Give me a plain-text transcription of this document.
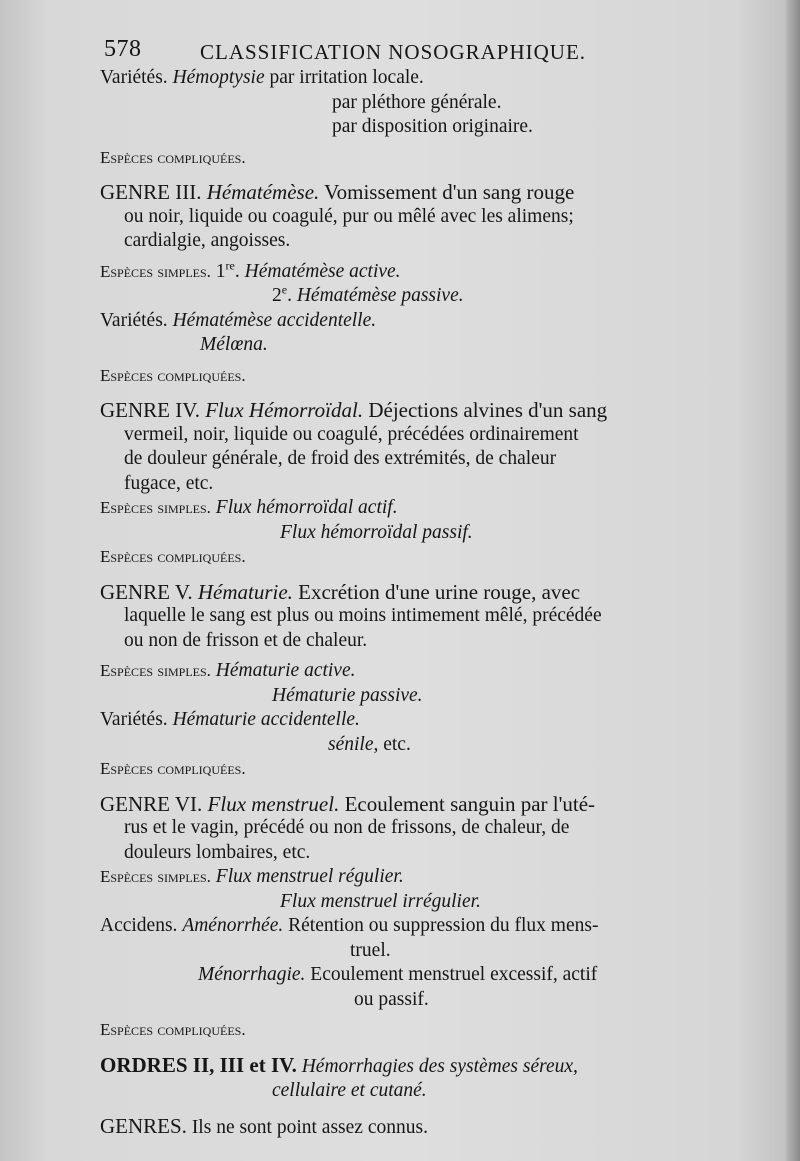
578	CLASSIFICATION NOSOGRAPHIQUE.
Variétés. Hémoptysie par irritation locale.
par pléthore générale.
par disposition originaire.
Espèces compliquées.
GENRE III. Hématémèse. Vomissement d'un sang rouge
ou noir, liquide ou coagulé, pur ou mêlé avec les alimens;
cardialgie, angoisses.
Espèces simples. 1re. Hématémèse active.
2e. Hématémèse passive.
Variétés. Hématémèse accidentelle.
Mélœna.
Espèces compliquées.
GENRE IV. Flux Hémorroïdal. Déjections alvines d'un sang
vermeil, noir, liquide ou coagulé, précédées ordinairement
de douleur générale, de froid des extrémités, de chaleur
fugace, etc.
Espèces simples. Flux hémorroïdal actif.
Flux hémorroïdal passif.
Espèces compliquées.
GENRE V. Hématurie. Excrétion d'une urine rouge, avec
laquelle le sang est plus ou moins intimement mêlé, précédée
ou non de frisson et de chaleur.
Espèces simples. Hématurie active.
Hématurie passive.
Variétés. Hématurie accidentelle.
sénile, etc.
Espèces compliquées.
GENRE VI. Flux menstruel. Ecoulement sanguin par l'uté-
rus et le vagin, précédé ou non de frissons, de chaleur, de
douleurs lombaires, etc.
Espèces simples. Flux menstruel régulier.
Flux menstruel irrégulier.
Accidens. Aménorrhée. Rétention ou suppression du flux mens-
truel.
Ménorrhagie. Ecoulement menstruel excessif, actif
ou passif.
Espèces compliquées.
ORDRES II, III et IV. Hémorrhagies des systèmes séreux,
cellulaire et cutané.
GENRES. Ils ne sont point assez connus.
